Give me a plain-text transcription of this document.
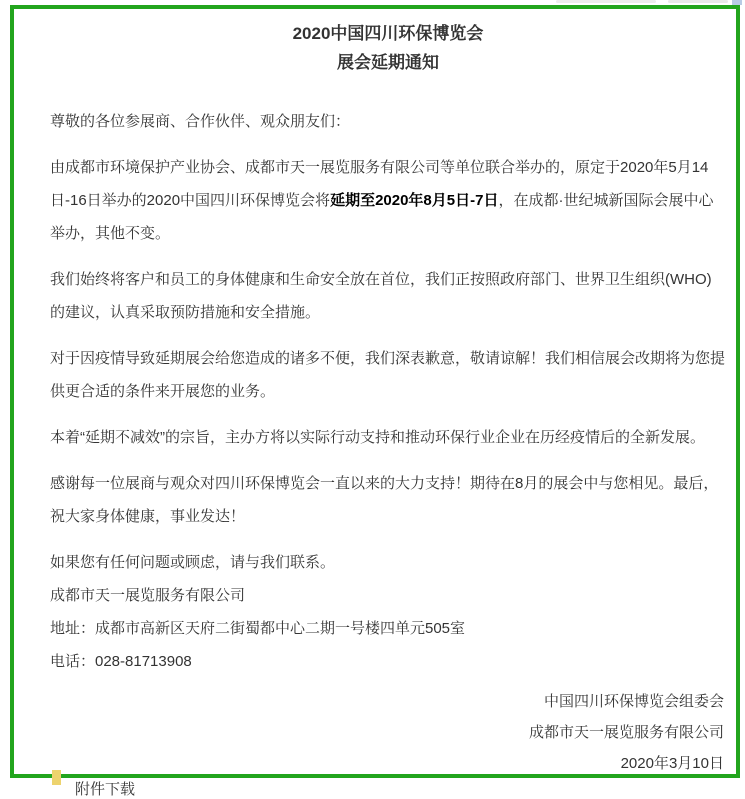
2020中国四川环保博览会
展会延期通知

尊敬的各位参展商、合作伙伴、观众朋友们：

由成都市环境保护产业协会、成都市天一展览服务有限公司等单位联合举办的，原定于2020年5月14日-16日举办的2020中国四川环保博览会将延期至2020年8月5日-7日，在成都·世纪城新国际会展中心举办，其他不变。

我们始终将客户和员工的身体健康和生命安全放在首位，我们正按照政府部门、世界卫生组织(WHO)的建议，认真采取预防措施和安全措施。

对于因疫情导致延期展会给您造成的诸多不便，我们深表歉意，敬请谅解！我们相信展会改期将为您提供更合适的条件来开展您的业务。

本着“延期不减效”的宗旨，主办方将以实际行动支持和推动环保行业企业在历经疫情后的全新发展。

感谢每一位展商与观众对四川环保博览会一直以来的大力支持！期待在8月的展会中与您相见。最后，祝大家身体健康，事业发达！

如果您有任何问题或顾虑，请与我们联系。

成都市天一展览服务有限公司

地址：成都市高新区天府二街蜀都中心二期一号楼四单元505室

电话：028-81713908

中国四川环保博览会组委会

成都市天一展览服务有限公司

2020年3月10日

附件下载
